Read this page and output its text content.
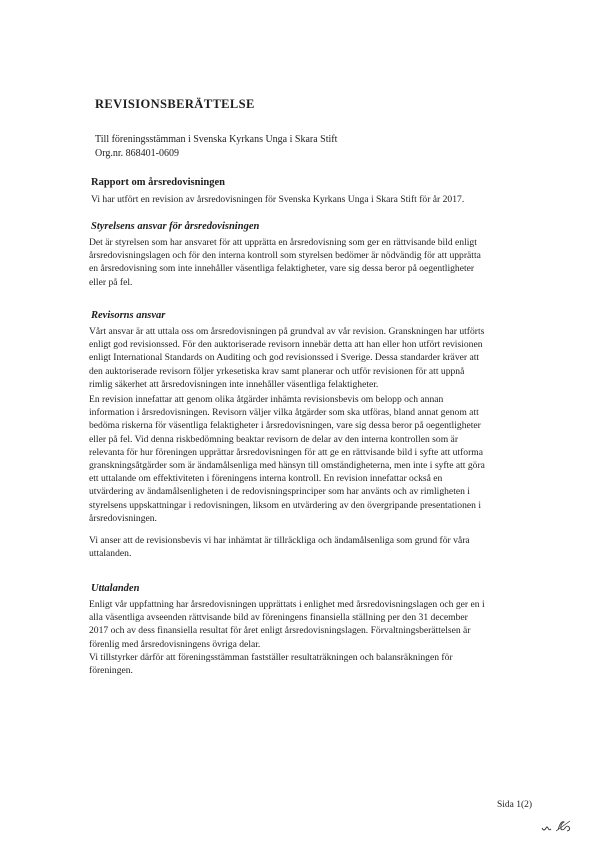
REVISIONSBERÄTTELSE
Till föreningsstämman i Svenska Kyrkans Unga i Skara Stift
Org.nr. 868401-0609
Rapport om årsredovisningen
Vi har utfört en revision av årsredovisningen för Svenska Kyrkans Unga i Skara Stift för år 2017.
Styrelsens ansvar för årsredovisningen
Det är styrelsen som har ansvaret för att upprätta en årsredovisning som ger en rättvisande bild enligt
årsredovisningslagen och för den interna kontroll som styrelsen bedömer är nödvändig för att upprätta
en årsredovisning som inte innehåller väsentliga felaktigheter, vare sig dessa beror på oegentligheter
eller på fel.
Revisorns ansvar
Vårt ansvar är att uttala oss om årsredovisningen på grundval av vår revision. Granskningen har utförts
enligt god revisionssed. För den auktoriserade revisorn innebär detta att han eller hon utfört revisionen
enligt International Standards on Auditing och god revisionssed i Sverige. Dessa standarder kräver att
den auktoriserade revisorn följer yrkesetiska krav samt planerar och utför revisionen för att uppnå
rimlig säkerhet att årsredovisningen inte innehåller väsentliga felaktigheter.
En revision innefattar att genom olika åtgärder inhämta revisionsbevis om belopp och annan
information i årsredovisningen. Revisorn väljer vilka åtgärder som ska utföras, bland annat genom att
bedöma riskerna för väsentliga felaktigheter i årsredovisningen, vare sig dessa beror på oegentligheter
eller på fel. Vid denna riskbedömning beaktar revisorn de delar av den interna kontrollen som är
relevanta för hur föreningen upprättar årsredovisningen för att ge en rättvisande bild i syfte att utforma
granskningsåtgärder som är ändamålsenliga med hänsyn till omständigheterna, men inte i syfte att göra
ett uttalande om effektiviteten i föreningens interna kontroll. En revision innefattar också en
utvärdering av ändamålsenligheten i de redovisningsprinciper som har använts och av rimligheten i
styrelsens uppskattningar i redovisningen, liksom en utvärdering av den övergripande presentationen i
årsredovisningen.
Vi anser att de revisionsbevis vi har inhämtat är tillräckliga och ändamålsenliga som grund för våra
uttalanden.
Uttalanden
Enligt vår uppfattning har årsredovisningen upprättats i enlighet med årsredovisningslagen och ger en i
alla väsentliga avseenden rättvisande bild av föreningens finansiella ställning per den 31 december
2017 och av dess finansiella resultat för året enligt årsredovisningslagen. Förvaltningsberättelsen är
förenlig med årsredovisningens övriga delar.
Vi tillstyrker därför att föreningsstämman fastställer resultaträkningen och balansräkningen för
föreningen.
Sida 1(2)
